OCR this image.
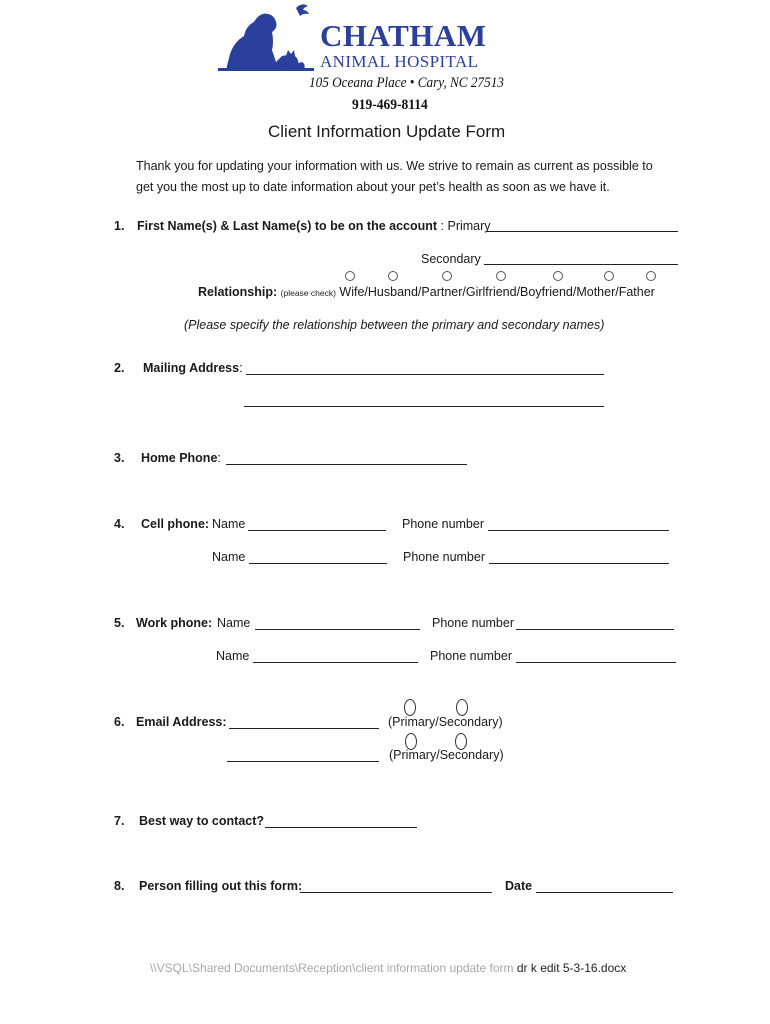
CHATHAM
ANIMAL HOSPITAL
105 Oceana Place • Cary, NC 27513
919-469-8114
Client Information Update Form
Thank you for updating your information with us. We strive to remain as current as possible to
get you the most up to date information about your pet’s health as soon as we have it.
1. First Name(s) & Last Name(s) to be on the account : Primary
Secondary
Relationship: (please check) Wife/Husband/Partner/Girlfriend/Boyfriend/Mother/Father
(Please specify the relationship between the primary and secondary names)
2. Mailing Address:
3. Home Phone:
4. Cell phone: Name	Phone number
Name	Phone number
5. Work phone: Name	Phone number
Name	Phone number
6. Email Address:	(Primary/Secondary)
(Primary/Secondary)
7. Best way to contact?
8. Person filling out this form:	Date
\\VSQL\Shared Documents\Reception\client information update form dr k edit 5-3-16.docx
